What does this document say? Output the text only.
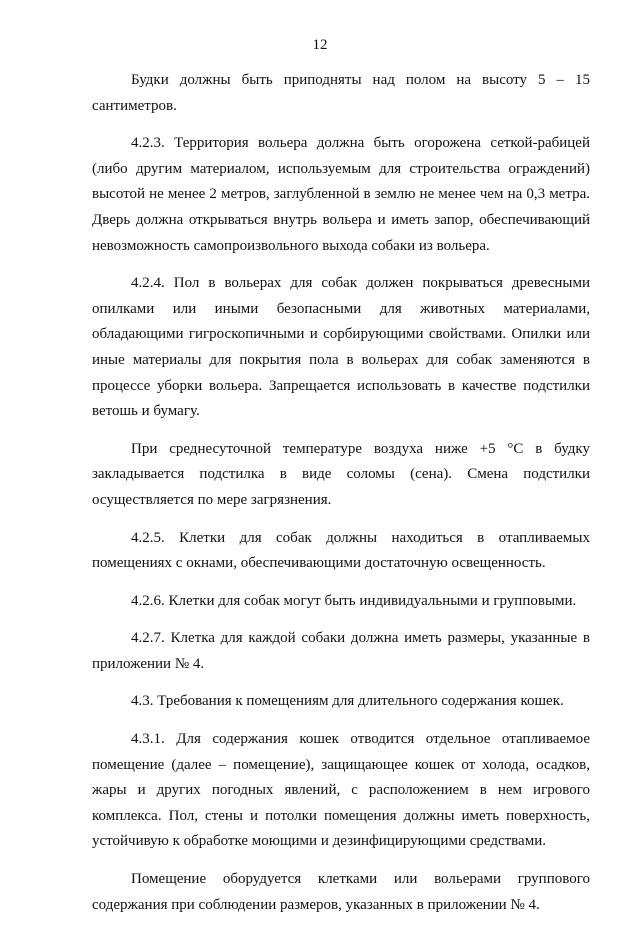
12

Будки должны быть приподняты над полом на высоту 5 – 15 сантиметров.

4.2.3. Территория вольера должна быть огорожена сеткой-рабицей (либо другим материалом, используемым для строительства ограждений) высотой не менее 2 метров, заглубленной в землю не менее чем на 0,3 метра. Дверь должна открываться внутрь вольера и иметь запор, обеспечивающий невозможность самопроизвольного выхода собаки из вольера.

4.2.4. Пол в вольерах для собак должен покрываться древесными опилками или иными безопасными для животных материалами, обладающими гигроскопичными и сорбирующими свойствами. Опилки или иные материалы для покрытия пола в вольерах для собак заменяются в процессе уборки вольера. Запрещается использовать в качестве подстилки ветошь и бумагу.

При среднесуточной температуре воздуха ниже +5 °С в будку закладывается подстилка в виде соломы (сена). Смена подстилки осуществляется по мере загрязнения.

4.2.5. Клетки для собак должны находиться в отапливаемых помещениях с окнами, обеспечивающими достаточную освещенность.

4.2.6. Клетки для собак могут быть индивидуальными и групповыми.

4.2.7. Клетка для каждой собаки должна иметь размеры, указанные в приложении № 4.

4.3. Требования к помещениям для длительного содержания кошек.

4.3.1. Для содержания кошек отводится отдельное отапливаемое помещение (далее – помещение), защищающее кошек от холода, осадков, жары и других погодных явлений, с расположением в нем игрового комплекса. Пол, стены и потолки помещения должны иметь поверхность, устойчивую к обработке моющими и дезинфицирующими средствами.

Помещение оборудуется клетками или вольерами группового содержания при соблюдении размеров, указанных в приложении № 4.
